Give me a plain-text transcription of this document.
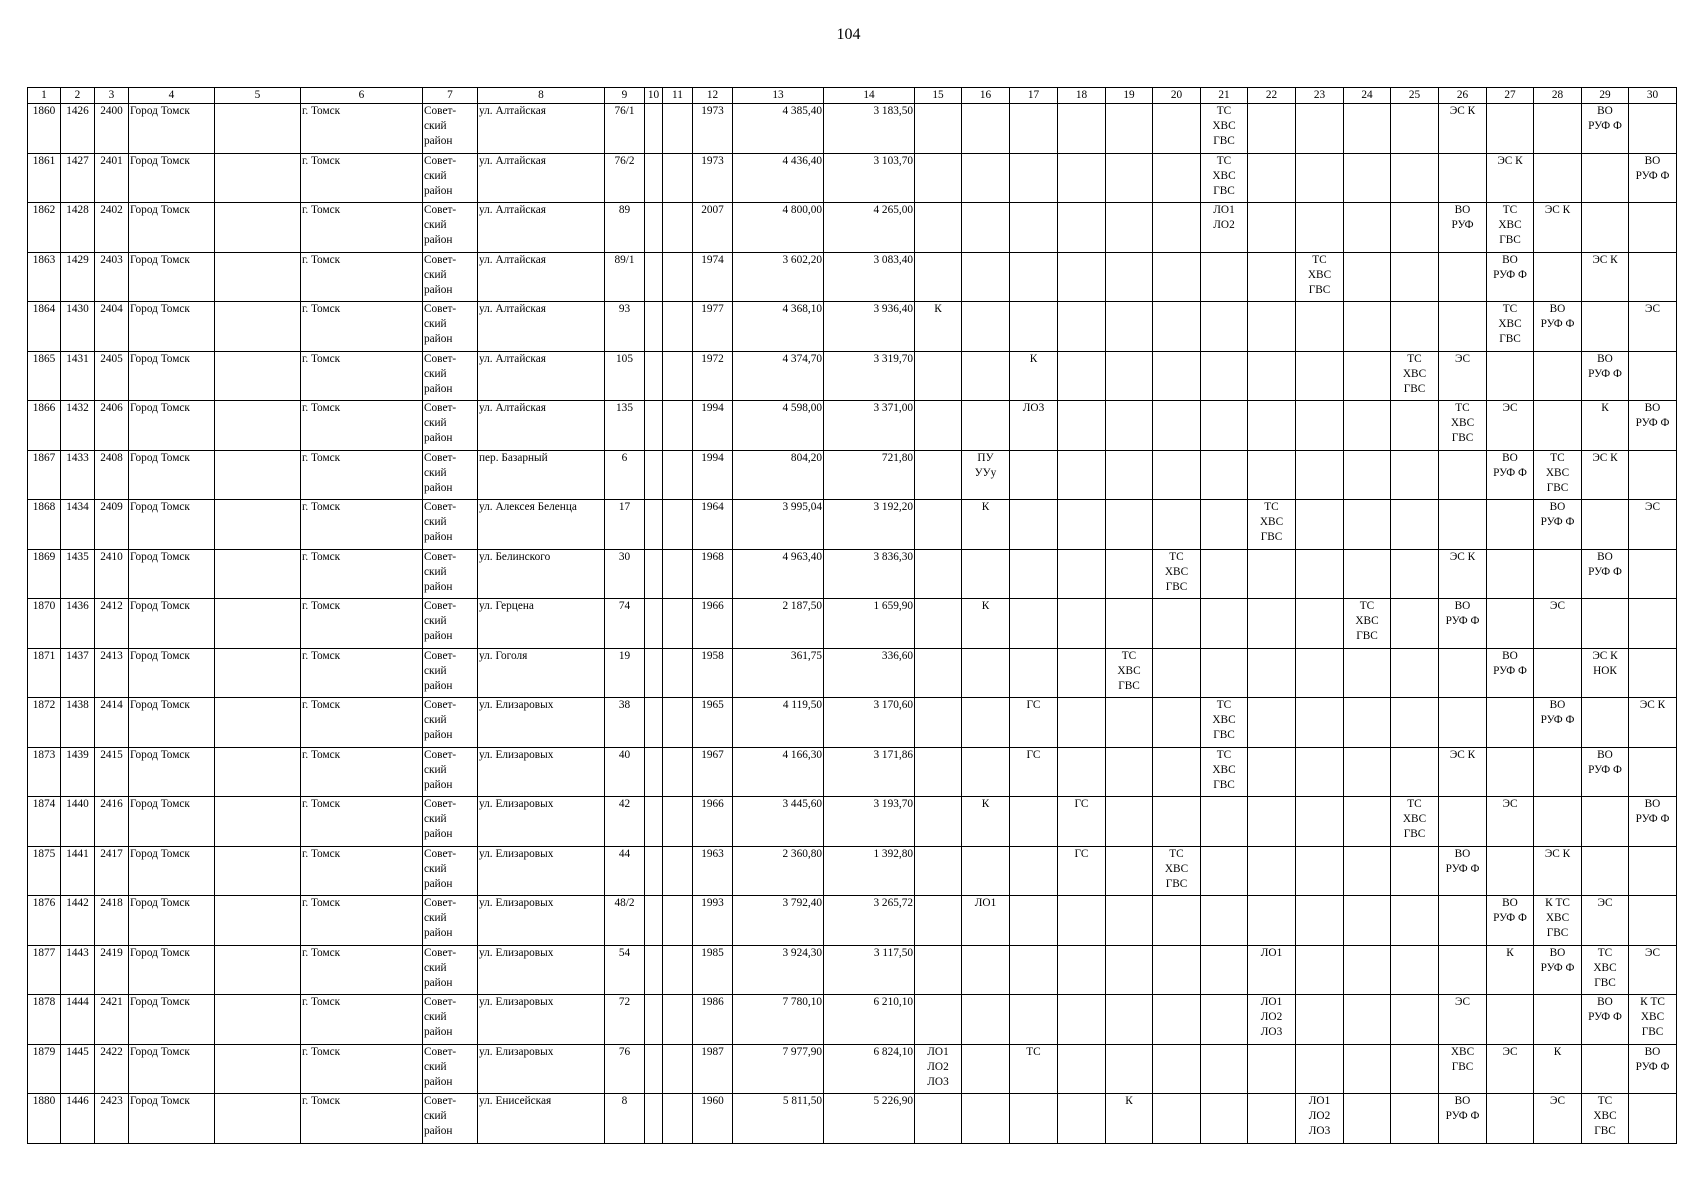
104
1	2	3	4	5	6	7	8	9	10	11	12	13	14	15	16	17	18	19	20	21	22	23	24	25	26	27	28	29	30
1860	1426	2400	Город Томск		г. Томск	Совет-
ский
район	ул. Алтайская	76/1			1973	4 385,40	3 183,50							ТС
ХВС
ГВС					ЭС К			ВО
РУФ Ф	
1861	1427	2401	Город Томск		г. Томск	Совет-
ский
район	ул. Алтайская	76/2			1973	4 436,40	3 103,70							ТС
ХВС
ГВС						ЭС К			ВО
РУФ Ф
1862	1428	2402	Город Томск		г. Томск	Совет-
ский
район	ул. Алтайская	89			2007	4 800,00	4 265,00							ЛО1
ЛО2					ВО
РУФ	ТС
ХВС
ГВС	ЭС К		
1863	1429	2403	Город Томск		г. Томск	Совет-
ский
район	ул. Алтайская	89/1			1974	3 602,20	3 083,40									ТС
ХВС
ГВС				ВО
РУФ Ф		ЭС К	
1864	1430	2404	Город Томск		г. Томск	Совет-
ский
район	ул. Алтайская	93			1977	4 368,10	3 936,40	К												ТС
ХВС
ГВС	ВО
РУФ Ф		ЭС
1865	1431	2405	Город Томск		г. Томск	Совет-
ский
район	ул. Алтайская	105			1972	4 374,70	3 319,70			К								ТС
ХВС
ГВС	ЭС			ВО
РУФ Ф	
1866	1432	2406	Город Томск		г. Томск	Совет-
ский
район	ул. Алтайская	135			1994	4 598,00	3 371,00			ЛО3									ТС
ХВС
ГВС	ЭС		К	ВО
РУФ Ф
1867	1433	2408	Город Томск		г. Томск	Совет-
ский
район	пер. Базарный	6			1994	804,20	721,80		ПУ
УУу											ВО
РУФ Ф	ТС
ХВС
ГВС	ЭС К	
1868	1434	2409	Город Томск		г. Томск	Совет-
ский
район	ул. Алексея Беленца	17			1964	3 995,04	3 192,20		К						ТС
ХВС
ГВС						ВО
РУФ Ф		ЭС
1869	1435	2410	Город Томск		г. Томск	Совет-
ский
район	ул. Белинского	30			1968	4 963,40	3 836,30						ТС
ХВС
ГВС						ЭС К			ВО
РУФ Ф	
1870	1436	2412	Город Томск		г. Томск	Совет-
ский
район	ул. Герцена	74			1966	2 187,50	1 659,90		К								ТС
ХВС
ГВС		ВО
РУФ Ф		ЭС		
1871	1437	2413	Город Томск		г. Томск	Совет-
ский
район	ул. Гоголя	19			1958	361,75	336,60					ТС
ХВС
ГВС								ВО
РУФ Ф		ЭС К
НОК	
1872	1438	2414	Город Томск		г. Томск	Совет-
ский
район	ул. Елизаровых	38			1965	4 119,50	3 170,60			ГС				ТС
ХВС
ГВС							ВО
РУФ Ф		ЭС К
1873	1439	2415	Город Томск		г. Томск	Совет-
ский
район	ул. Елизаровых	40			1967	4 166,30	3 171,86			ГС				ТС
ХВС
ГВС					ЭС К			ВО
РУФ Ф	
1874	1440	2416	Город Томск		г. Томск	Совет-
ский
район	ул. Елизаровых	42			1966	3 445,60	3 193,70		К		ГС							ТС
ХВС
ГВС		ЭС			ВО
РУФ Ф
1875	1441	2417	Город Томск		г. Томск	Совет-
ский
район	ул. Елизаровых	44			1963	2 360,80	1 392,80				ГС		ТС
ХВС
ГВС						ВО
РУФ Ф		ЭС К		
1876	1442	2418	Город Томск		г. Томск	Совет-
ский
район	ул. Елизаровых	48/2			1993	3 792,40	3 265,72		ЛО1											ВО
РУФ Ф	К ТС
ХВС
ГВС	ЭС	
1877	1443	2419	Город Томск		г. Томск	Совет-
ский
район	ул. Елизаровых	54			1985	3 924,30	3 117,50								ЛО1					К	ВО
РУФ Ф	ТС
ХВС
ГВС	ЭС
1878	1444	2421	Город Томск		г. Томск	Совет-
ский
район	ул. Елизаровых	72			1986	7 780,10	6 210,10								ЛО1
ЛО2
ЛО3				ЭС			ВО
РУФ Ф	К ТС
ХВС
ГВС
1879	1445	2422	Город Томск		г. Томск	Совет-
ский
район	ул. Елизаровых	76			1987	7 977,90	6 824,10	ЛО1
ЛО2
ЛО3		ТС									ХВС
ГВС	ЭС	К		ВО
РУФ Ф
1880	1446	2423	Город Томск		г. Томск	Совет-
ский
район	ул. Енисейская	8			1960	5 811,50	5 226,90					К				ЛО1
ЛО2
ЛО3			ВО
РУФ Ф		ЭС	ТС
ХВС
ГВС	
